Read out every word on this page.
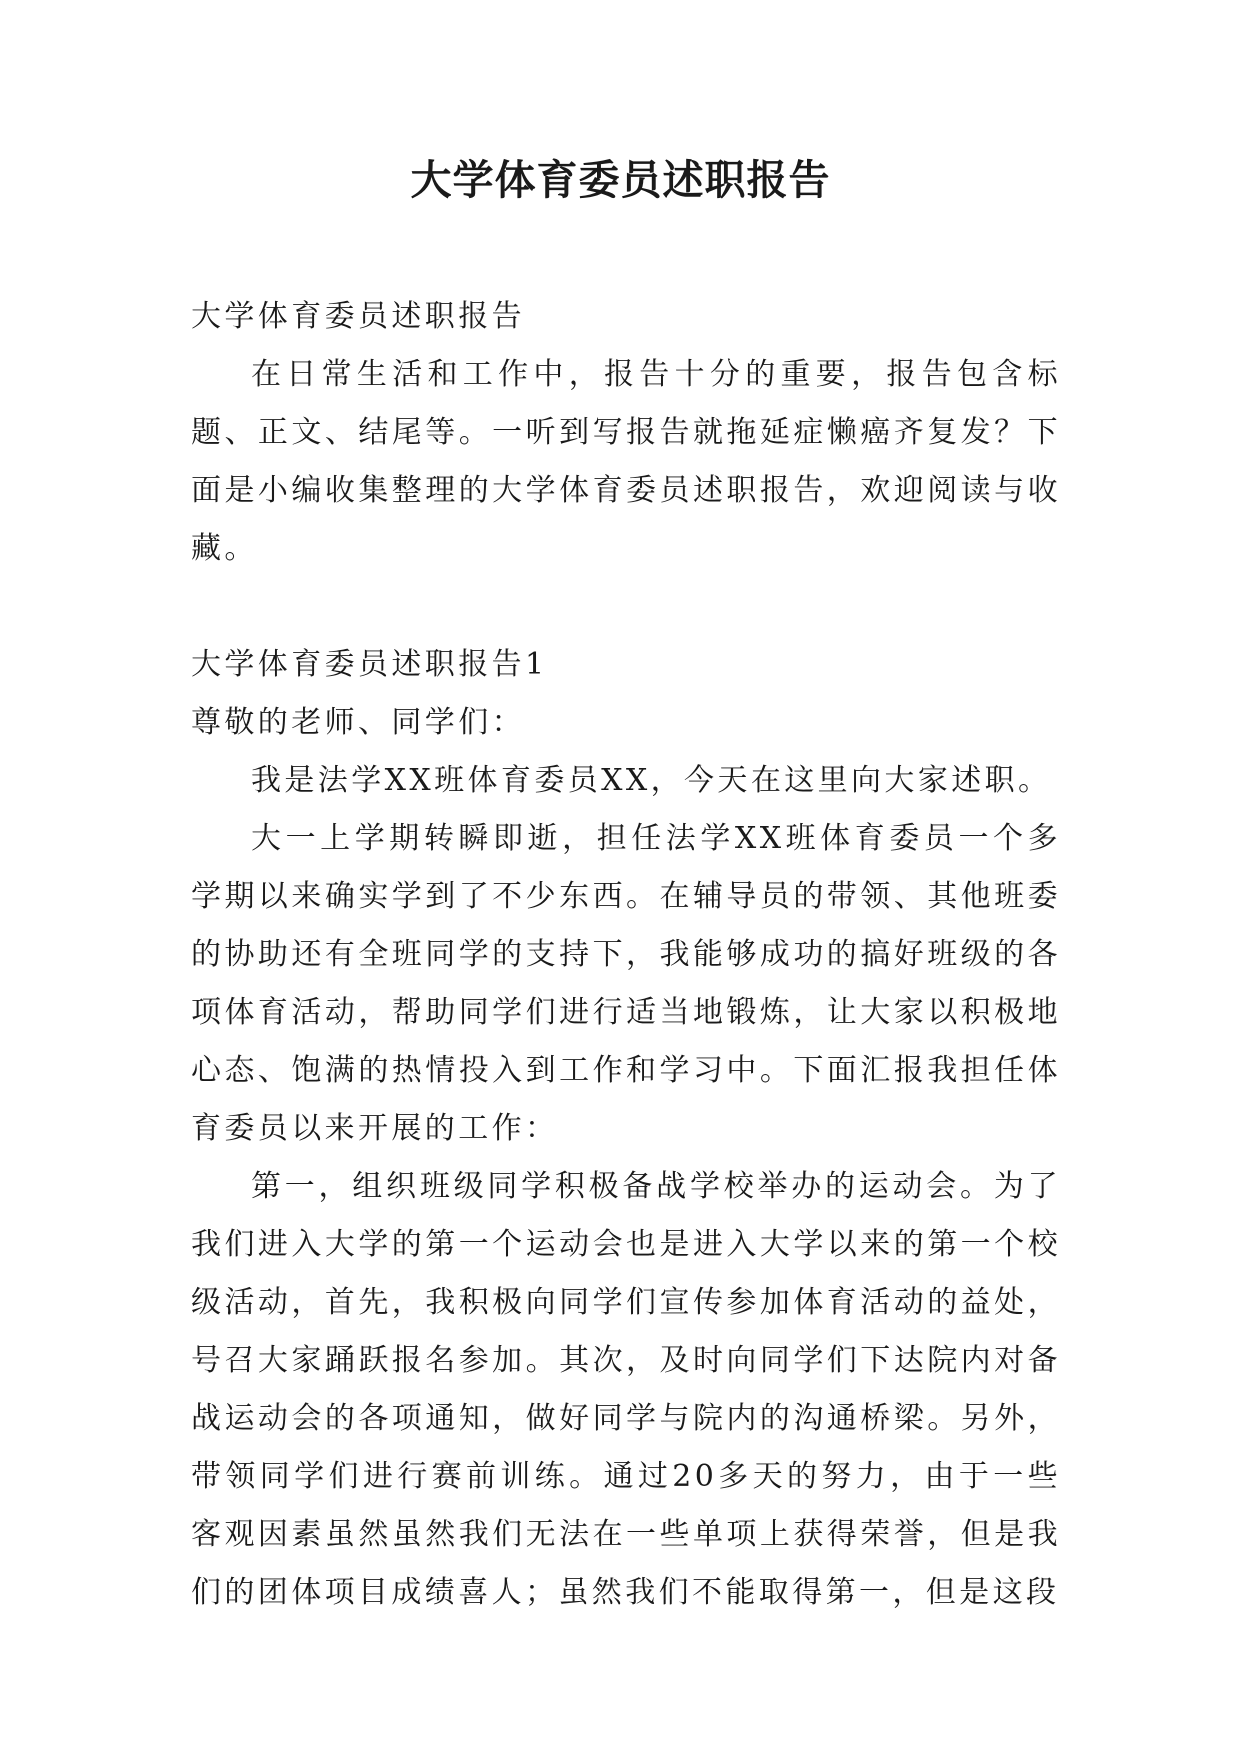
大学体育委员述职报告

大学体育委员述职报告

在日常生活和工作中，报告十分的重要，报告包含标题、正文、结尾等。一听到写报告就拖延症懒癌齐复发？下面是小编收集整理的大学体育委员述职报告，欢迎阅读与收藏。

大学体育委员述职报告1

尊敬的老师、同学们：

我是法学XX班体育委员XX，今天在这里向大家述职。

大一上学期转瞬即逝，担任法学XX班体育委员一个多学期以来确实学到了不少东西。在辅导员的带领、其他班委的协助还有全班同学的支持下，我能够成功的搞好班级的各项体育活动，帮助同学们进行适当地锻炼，让大家以积极地心态、饱满的热情投入到工作和学习中。下面汇报我担任体育委员以来开展的工作：

第一，组织班级同学积极备战学校举办的运动会。为了我们进入大学的第一个运动会也是进入大学以来的第一个校级活动，首先，我积极向同学们宣传参加体育活动的益处，号召大家踊跃报名参加。其次，及时向同学们下达院内对备战运动会的各项通知，做好同学与院内的沟通桥梁。另外，带领同学们进行赛前训练。通过20多天的努力，由于一些客观因素虽然虽然我们无法在一些单项上获得荣誉，但是我们的团体项目成绩喜人；虽然我们不能取得第一，但是这段
